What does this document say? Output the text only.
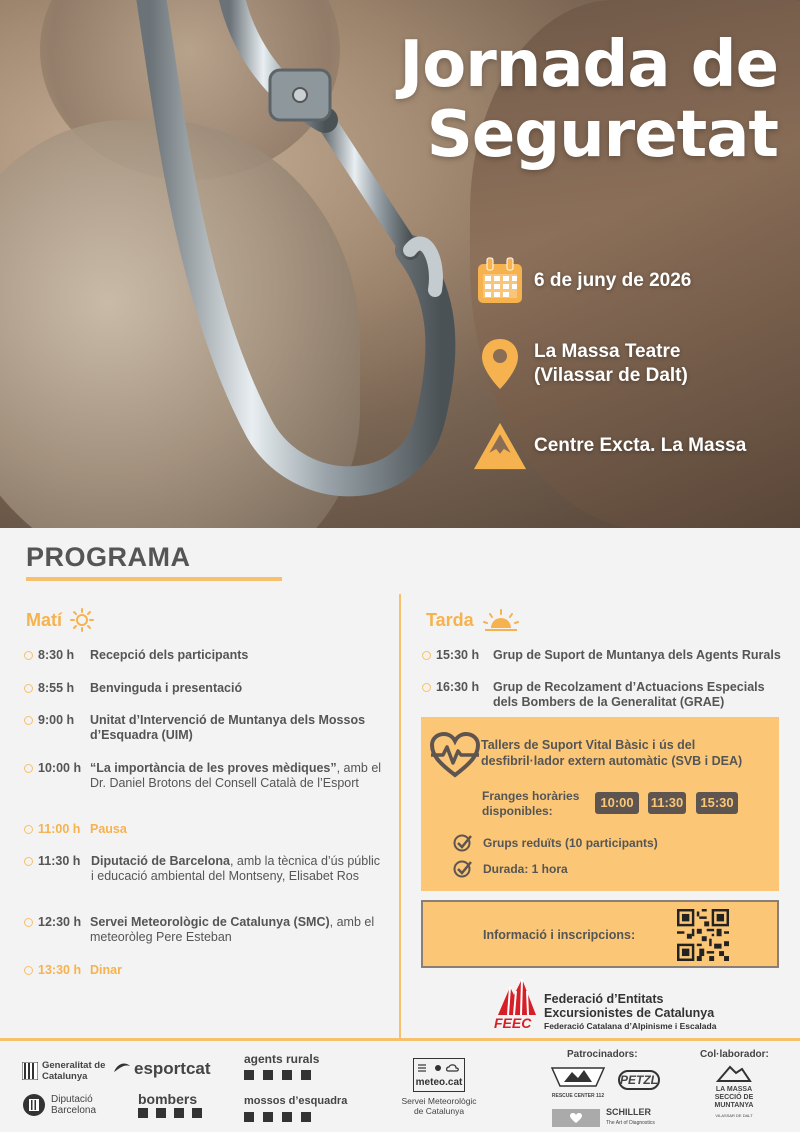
Jornada de
Seguretat
6 de juny de 2026
La Massa Teatre
(Vilassar de Dalt)
Centre Excta. La Massa
PROGRAMA
Matí	Tarda
8:30 h	Recepció dels participants
8:55 h	Benvinguda i presentació
9:00 h	Unitat d’Intervenció de Muntanya dels Mossos d’Esquadra (UIM)
10:00 h “La importància de les proves mèdiques”, amb el Dr. Daniel Brotons del Consell Català de l’Esport
11:00 h Pausa
11:30 h Diputació de Barcelona, amb la tècnica d’ús públic i educació ambiental del Montseny, Elisabet Ros
12:30 h Servei Meteorològic de Catalunya (SMC), amb el meteoròleg Pere Esteban
13:30 h Dinar
15:30 h	Grup de Suport de Muntanya dels Agents Rurals
16:30 h	Grup de Recolzament d’Actuacions Especials dels Bombers de la Generalitat (GRAE)
Tallers de Suport Vital Bàsic i ús del desfibril·lador extern automàtic (SVB i DEA)
Franges horàries disponibles:
10:00	11:30	15:30
Grups reduïts (10 participants)
Durada: 1 hora
Informació i inscripcions:
FEEC
Federació d’Entitats
Excursionistes de Catalunya
Federació Catalana d’Alpinisme i Escalada
Generalitat de Catalunya	esportcat	agents rurals
Diputació Barcelona
bombers	mossos d’esquadra
meteo.cat
Servei Meteorològic de Catalunya
Patrocinadors:
RESCUE CENTER 112
PETZL
SCHILLER
The Art of Diagnostics
Col·laborador:
LA MASSA SECCIÓ DE MUNTANYA
VILASSAR DE DALT
